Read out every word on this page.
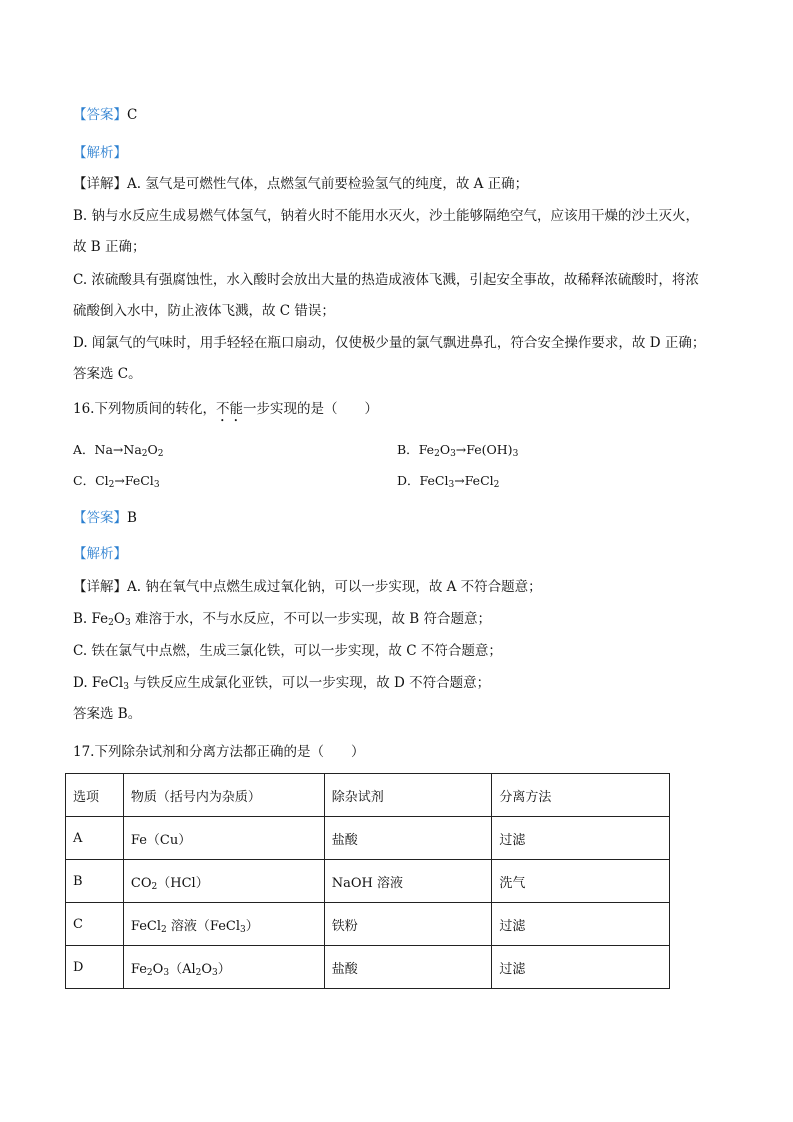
【答案】C
【解析】
【详解】A. 氢气是可燃性气体，点燃氢气前要检验氢气的纯度，故 A 正确；
B. 钠与水反应生成易燃气体氢气，钠着火时不能用水灭火，沙土能够隔绝空气，应该用干燥的沙土灭火，
故 B 正确；
C. 浓硫酸具有强腐蚀性，水入酸时会放出大量的热造成液体飞溅，引起安全事故，故稀释浓硫酸时，将浓
硫酸倒入水中，防止液体飞溅，故 C 错误；
D. 闻氯气的气味时，用手轻轻在瓶口扇动，仅使极少量的氯气飘进鼻孔，符合安全操作要求，故 D 正确；
答案选 C。
16.下列物质间的转化，不能一步实现的是（　　）
A．$Na\to Na_2O_2$	B．$Fe_2O_3\to Fe(OH)_3$
C．$Cl_2\to FeCl_3$	D．FeCl$_3$→FeCl$_2$
【答案】B
【解析】
【详解】A. 钠在氧气中点燃生成过氧化钠，可以一步实现，故 A 不符合题意；
B. $Fe_2O_3$ 难溶于水，不与水反应，不可以一步实现，故 B 符合题意；
C. 铁在氯气中点燃，生成三氯化铁，可以一步实现，故 C 不符合题意；
D. FeCl$_3$ 与铁反应生成氯化亚铁，可以一步实现，故 D 不符合题意；
答案选 B。
17.下列除杂试剂和分离方法都正确的是（　　）
选项	物质（括号内为杂质）	除杂试剂	分离方法
A	Fe（Cu）	盐酸	过滤
B	$CO_2(HCl)$	NaOH 溶液	洗气
C	FeCl$_2$ 溶液（FeCl$_3$）	铁粉	过滤
D	$Fe_2O_3(Al_2O_3)$	盐酸	过滤
